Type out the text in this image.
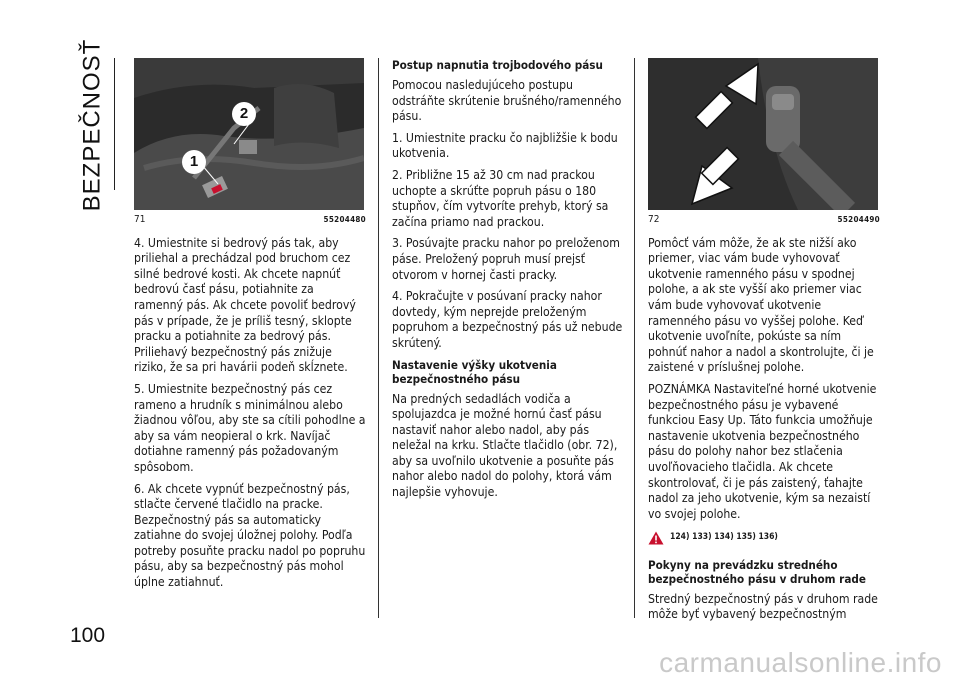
BEZPEČNOSŤ
100
2
1
71	55204480

4. Umiestnite si bedrový pás tak, aby priliehal a prechádzal pod bruchom cez silné bedrové kosti. Ak chcete napnúť bedrovú časť pásu, potiahnite za ramenný pás. Ak chcete povoliť bedrový pás v prípade, že je príliš tesný, sklopte pracku a potiahnite za bedrový pás. Priliehavý bezpečnostný pás znižuje riziko, že sa pri havárii podeň skĺznete.

5. Umiestnite bezpečnostný pás cez rameno a hrudník s minimálnou alebo žiadnou vôľou, aby ste sa cítili pohodlne a aby sa vám neopieral o krk. Navíjač dotiahne ramenný pás požadovaným spôsobom.

6. Ak chcete vypnúť bezpečnostný pás, stlačte červené tlačidlo na pracke. Bezpečnostný pás sa automaticky zatiahne do svojej úložnej polohy. Podľa potreby posuňte pracku nadol po popruhu pásu, aby sa bezpečnostný pás mohol úplne zatiahnuť.

Postup napnutia trojbodového pásu

Pomocou nasledujúceho postupu odstráňte skrútenie brušného/ramenného pásu.

1. Umiestnite pracku čo najbližšie k bodu ukotvenia.

2. Približne 15 až 30 cm nad prackou uchopte a skrúťte popruh pásu o 180 stupňov, čím vytvoríte prehyb, ktorý sa začína priamo nad prackou.

3. Posúvajte pracku nahor po preloženom páse. Preložený popruh musí prejsť otvorom v hornej časti pracky.

4. Pokračujte v posúvaní pracky nahor dovtedy, kým neprejde preloženým popruhom a bezpečnostný pás už nebude skrútený.

Nastavenie výšky ukotvenia bezpečnostného pásu

Na predných sedadlách vodiča a spolujazdca je možné hornú časť pásu nastaviť nahor alebo nadol, aby pás neležal na krku. Stlačte tlačidlo (obr. 72), aby sa uvoľnilo ukotvenie a posuňte pás nahor alebo nadol do polohy, ktorá vám najlepšie vyhovuje.

72	55204490

Pomôcť vám môže, že ak ste nižší ako priemer, viac vám bude vyhovovať ukotvenie ramenného pásu v spodnej polohe, a ak ste vyšší ako priemer viac vám bude vyhovovať ukotvenie ramenného pásu vo vyššej polohe. Keď ukotvenie uvoľníte, pokúste sa ním pohnúť nahor a nadol a skontrolujte, či je zaistené v príslušnej polohe.

POZNÁMKA Nastaviteľné horné ukotvenie bezpečnostného pásu je vybavené funkciou Easy Up. Táto funkcia umožňuje nastavenie ukotvenia bezpečnostného pásu do polohy nahor bez stlačenia uvoľňovacieho tlačidla. Ak chcete skontrolovať, či je pás zaistený, ťahajte nadol za jeho ukotvenie, kým sa nezaistí vo svojej polohe.

124) 133) 134) 135) 136)
Pokyny na prevádzku stredného bezpečnostného pásu v druhom rade

Stredný bezpečnostný pás v druhom rade môže byť vybavený bezpečnostným

carmanualsonline.info
